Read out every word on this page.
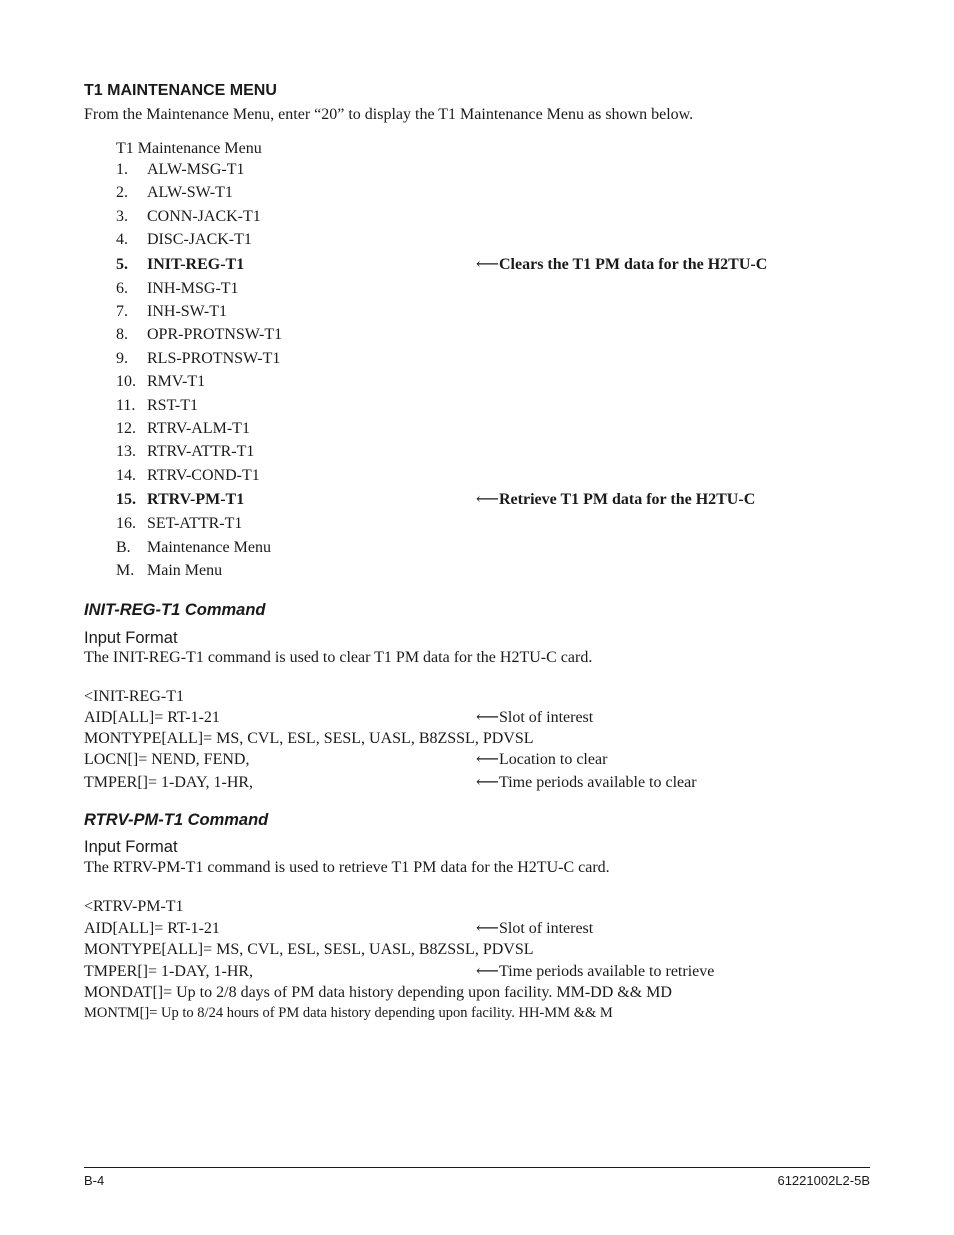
T1 MAINTENANCE MENU
From the Maintenance Menu, enter “20” to display the T1 Maintenance Menu as shown below.
T1 Maintenance Menu
1. ALW-MSG-T1
2. ALW-SW-T1
3. CONN-JACK-T1
4. DISC-JACK-T1
5. INIT-REG-T1	⟵Clears the T1 PM data for the H2TU-C
6. INH-MSG-T1
7. INH-SW-T1
8. OPR-PROTNSW-T1
9. RLS-PROTNSW-T1
10. RMV-T1
11. RST-T1
12. RTRV-ALM-T1
13. RTRV-ATTR-T1
14. RTRV-COND-T1
15. RTRV-PM-T1	⟵Retrieve T1 PM data for the H2TU-C
16. SET-ATTR-T1
B. Maintenance Menu
M. Main Menu
INIT-REG-T1 Command
Input Format
The INIT-REG-T1 command is used to clear T1 PM data for the H2TU-C card.
<INIT-REG-T1
AID[ALL]= RT-1-21	⟵Slot of interest
MONTYPE[ALL]= MS, CVL, ESL, SESL, UASL, B8ZSSL, PDVSL
LOCN[]= NEND, FEND,	⟵Location to clear
TMPER[]= 1-DAY, 1-HR,	⟵Time periods available to clear
RTRV-PM-T1 Command
Input Format
The RTRV-PM-T1 command is used to retrieve T1 PM data for the H2TU-C card.
<RTRV-PM-T1
AID[ALL]= RT-1-21	⟵Slot of interest
MONTYPE[ALL]= MS, CVL, ESL, SESL, UASL, B8ZSSL, PDVSL
TMPER[]= 1-DAY, 1-HR,	⟵Time periods available to retrieve
MONDAT[]= Up to 2/8 days of PM data history depending upon facility. MM-DD && MD
MONTM[]= Up to 8/24 hours of PM data history depending upon facility. HH-MM && M
B-4	61221002L2-5B
